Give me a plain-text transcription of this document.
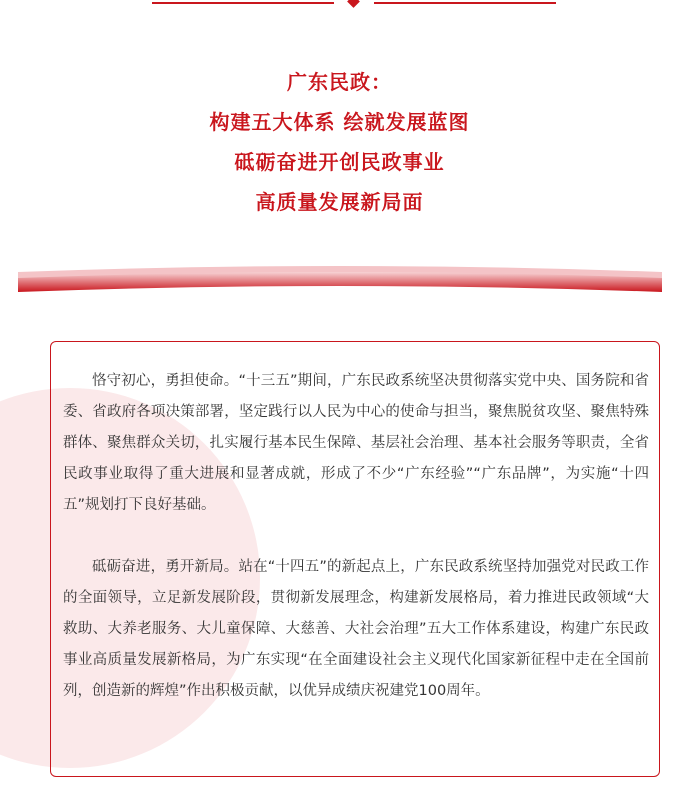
广东民政：

构建五大体系 绘就发展蓝图

砥砺奋进开创民政事业

高质量发展新局面

恪守初心，勇担使命。“十三五”期间，广东民政系统坚决贯彻落实党中央、国务院和省委、省政府各项决策部署，坚定践行以人民为中心的使命与担当，聚焦脱贫攻坚、聚焦特殊群体、聚焦群众关切，扎实履行基本民生保障、基层社会治理、基本社会服务等职责，全省民政事业取得了重大进展和显著成就，形成了不少“广东经验”“广东品牌”，为实施“十四五”规划打下良好基础。

砥砺奋进，勇开新局。站在“十四五”的新起点上，广东民政系统坚持加强党对民政工作的全面领导，立足新发展阶段，贯彻新发展理念，构建新发展格局，着力推进民政领域“大救助、大养老服务、大儿童保障、大慈善、大社会治理”五大工作体系建设，构建广东民政事业高质量发展新格局，为广东实现“在全面建设社会主义现代化国家新征程中走在全国前列，创造新的辉煌”作出积极贡献，以优异成绩庆祝建党100周年。
